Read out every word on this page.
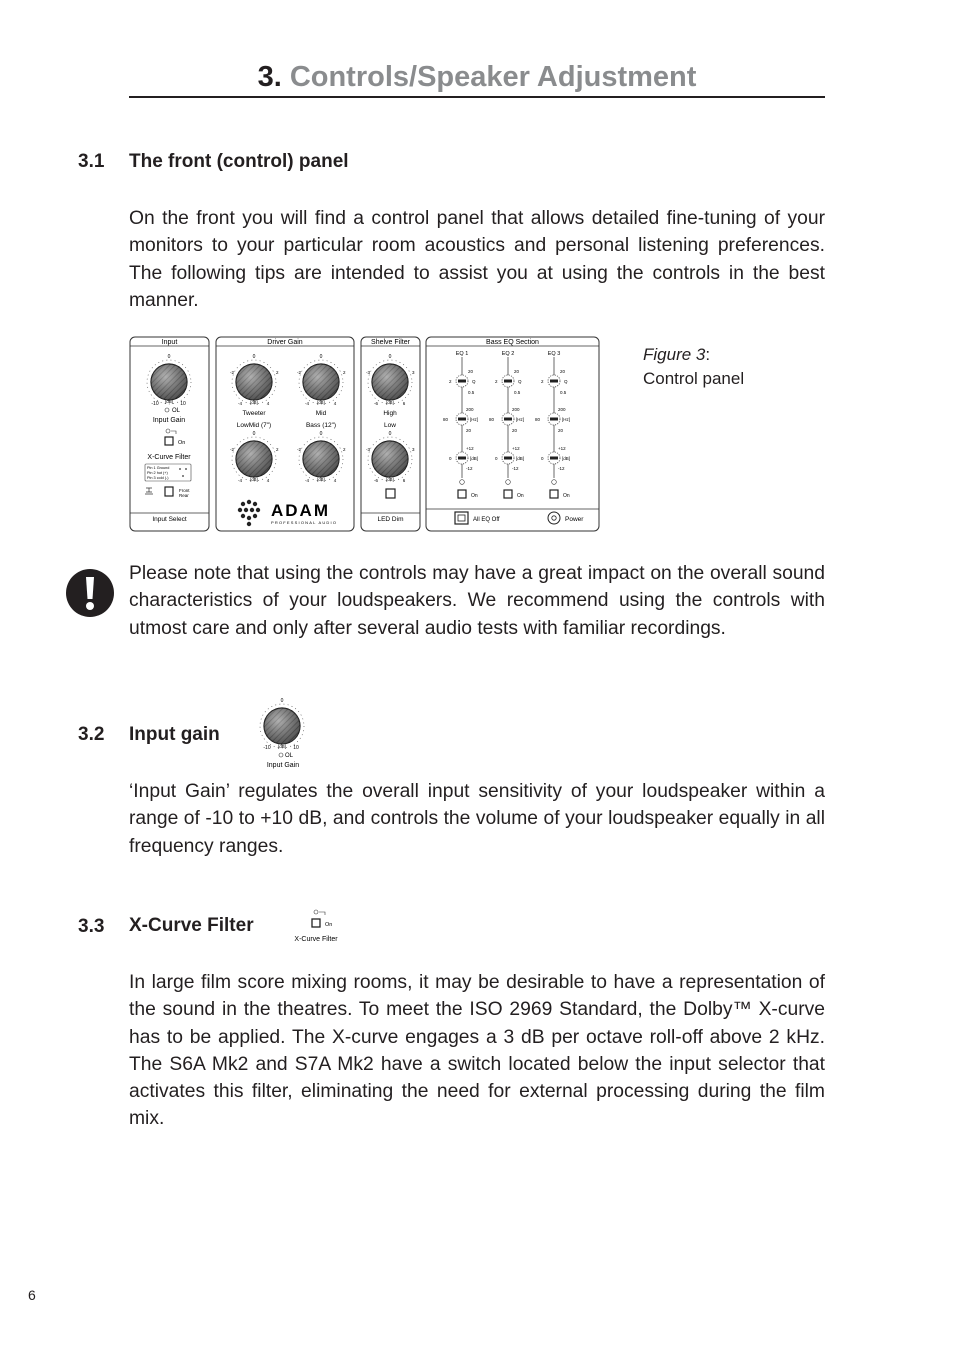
3. Controls/Speaker Adjustment
3.1 The front (control) panel
On the front you will find a control panel that allows detailed fine-tuning of your monitors to your particular room acoustics and personal listening preferences. The following tips are intended to assist you at using the controls in the best manner.
Input
0
-10	10
[dB]
OL
Input Gain
On
X-Curve Filter
Pin 1 Ground
Pin 2 hot (+)
Pin 3 cold (-)
Front
Rear
Input Select
Driver Gain
0	0
0	0
-2	2	-2	2
-2	2	-2	2
-4	4	-4	4
-4	4	-4	4
[dB]	[dB]
[dB]	[dB]
Tweeter	Mid
LowMid (7")	Bass (12")
ADAM
PROFESSIONAL AUDIO
Shelve Filter
0
0
-3	3
-3	3
-6	6
-6	6
[dB]
[dB]
High
Low
LED Dim
Bass EQ Section
EQ 1
20
2	Q
0.5
200
80	[Hz]
20
+12
0	[dB]
-12
On
EQ 2
20
2	Q
0.5
200
80	[Hz]
20
+12
0	[dB]
-12
On
EQ 3
20
2	Q
0.5
200
80	[Hz]
20
+12
0	[dB]
-12
On
All EQ Off	Power
Figure 3:
Control panel
Please note that using the controls may have a great impact on the overall sound characteristics of your loudspeakers. We recommend using the controls with utmost care and only after several audio tests with familiar recordings.
3.2 Input gain
0
-10	10
[dB]
OL
Input Gain
‘Input Gain’ regulates the overall input sensitivity of your loudspeaker within a range of -10 to +10 dB, and controls the volume of your loudspeaker equally in all frequency ranges.
3.3 X-Curve Filter	On
X-Curve Filter
In large film score mixing rooms, it may be desirable to have a representation of the sound in the theatres. To meet the ISO 2969 Standard, the Dolby™ X-curve has to be applied. The X-curve engages a 3 dB per octave roll-off above 2 kHz. The S6A Mk2 and S7A Mk2 have a switch located below the input selector that activates this filter, eliminating the need for external processing during the film mix.
6
